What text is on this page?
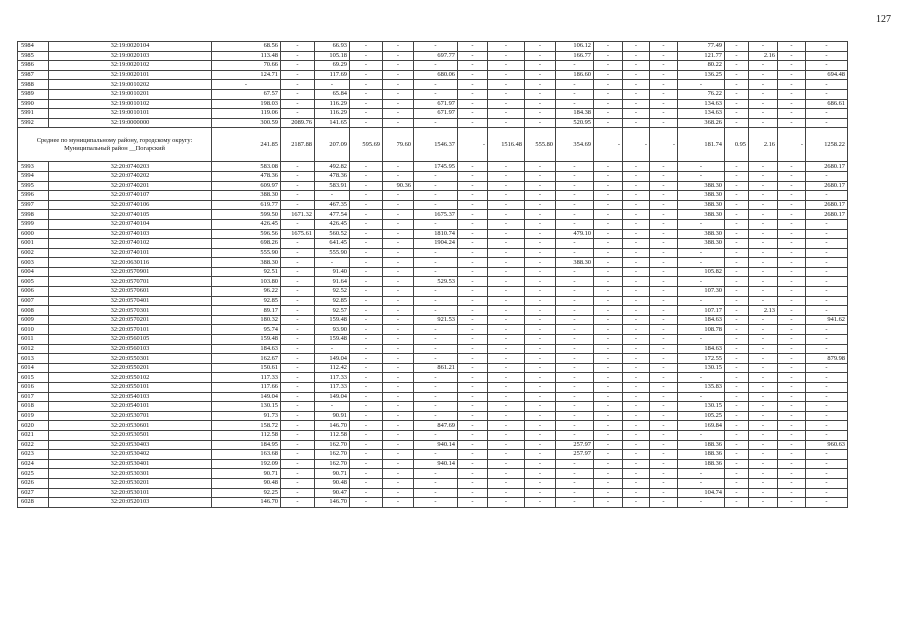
127
5984	32:19:0020104	68.56	-	66.93	-	-	-	-	-	-	106.12	-	-	-	77.49	-	-	-	-
5985	32:19:0020103	113.48	-	105.18	-	-	697.77	-	-	-	166.77	-	-	-	121.77	-	2.16	-	-
5986	32:19:0020102	70.66	-	69.29	-	-	-	-	-	-	-	-	-	-	80.22	-	-	-	-
5987	32:19:0020101	124.71	-	117.69	-	-	680.06	-	-	-	186.60	-	-	-	136.25	-	-	-	694.48
5988	32:19:0010202	-	-	-	-	-	-	-	-	-	-	-	-	-	-	-	-	-	-
5989	32:19:0010201	67.57	-	65.84	-	-	-	-	-	-	-	-	-	-	76.22	-	-	-	-
5990	32:19:0010102	198.03	-	116.29	-	-	671.97	-	-	-	-	-	-	-	134.63	-	-	-	686.61
5991	32:19:0010101	119.06	-	116.29	-	-	671.97	-	-	-	184.38	-	-	-	134.63	-	-	-	-
5992	32:19:0000000	300.59	2089.76	141.65	-	-	-	-	-	-	520.95	-	-	-	368.26	-	-	-	-
Среднее по муниципальному району, городскому округу: Муниципальный район __Погарский		241.85	2187.88	207.09	595.69	79.60	1546.37	-	1516.48	555.80	354.69	-	-	-	181.74	0.95	2.16	-	1258.22
5993	32:20:0740203	583.08	-	492.82	-	-	1745.95	-	-	-	-	-	-	-	-	-	-	-	2680.17
5994	32:20:0740202	478.36	-	478.36	-	-	-	-	-	-	-	-	-	-	-	-	-	-	-
5995	32:20:0740201	609.97	-	583.91	-	90.36	-	-	-	-	-	-	-	-	388.30	-	-	-	2680.17
5996	32:20:0740107	388.30	-	-	-	-	-	-	-	-	-	-	-	-	388.30	-	-	-	-
5997	32:20:0740106	619.77	-	467.35	-	-	-	-	-	-	-	-	-	-	388.30	-	-	-	2680.17
5998	32:20:0740105	599.50	1671.32	477.54	-	-	1675.37	-	-	-	-	-	-	-	388.30	-	-	-	2680.17
5999	32:20:0740104	426.45	-	426.45	-	-	-	-	-	-	-	-	-	-	-	-	-	-	-
6000	32:20:0740103	596.56	1675.61	560.52	-	-	1810.74	-	-	-	479.10	-	-	-	388.30	-	-	-	-
6001	32:20:0740102	698.26	-	641.45	-	-	1904.24	-	-	-	-	-	-	-	388.30	-	-	-	-
6002	32:20:0740101	555.90	-	555.90	-	-	-	-	-	-	-	-	-	-	-	-	-	-	-
6003	32:20:0630116	388.30	-	-	-	-	-	-	-	-	388.30	-	-	-	-	-	-	-	-
6004	32:20:0570901	92.51	-	91.40	-	-	-	-	-	-	-	-	-	-	105.82	-	-	-	-
6005	32:20:0570701	103.80	-	91.64	-	-	529.53	-	-	-	-	-	-	-	-	-	-	-	-
6006	32:20:0570601	96.22	-	92.52	-	-	-	-	-	-	-	-	-	-	107.30	-	-	-	-
6007	32:20:0570401	92.85	-	92.85	-	-	-	-	-	-	-	-	-	-	-	-	-	-	-
6008	32:20:0570301	89.17	-	92.57	-	-	-	-	-	-	-	-	-	-	107.17	-	2.13	-	-
6009	32:20:0570201	180.32	-	159.48	-	-	921.53	-	-	-	-	-	-	-	184.63	-	-	-	941.62
6010	32:20:0570101	95.74	-	93.90	-	-	-	-	-	-	-	-	-	-	108.78	-	-	-	-
6011	32:20:0560105	159.48	-	159.48	-	-	-	-	-	-	-	-	-	-	-	-	-	-	-
6012	32:20:0560103	184.63	-	-	-	-	-	-	-	-	-	-	-	-	184.63	-	-	-	-
6013	32:20:0550301	162.67	-	149.04	-	-	-	-	-	-	-	-	-	-	172.55	-	-	-	879.98
6014	32:20:0550201	150.61	-	112.42	-	-	861.21	-	-	-	-	-	-	-	130.15	-	-	-	-
6015	32:20:0550102	117.33	-	117.33	-	-	-	-	-	-	-	-	-	-	-	-	-	-	-
6016	32:20:0550101	117.66	-	117.33	-	-	-	-	-	-	-	-	-	-	135.83	-	-	-	-
6017	32:20:0540103	149.04	-	149.04	-	-	-	-	-	-	-	-	-	-	-	-	-	-	-
6018	32:20:0540101	130.15	-	-	-	-	-	-	-	-	-	-	-	-	130.15	-	-	-	-
6019	32:20:0530701	91.73	-	90.91	-	-	-	-	-	-	-	-	-	-	105.25	-	-	-	-
6020	32:20:0530601	158.72	-	146.70	-	-	847.69	-	-	-	-	-	-	-	169.84	-	-	-	-
6021	32:20:0530501	112.58	-	112.58	-	-	-	-	-	-	-	-	-	-	-	-	-	-	-
6022	32:20:0530403	184.95	-	162.70	-	-	940.14	-	-	-	257.97	-	-	-	188.36	-	-	-	960.63
6023	32:20:0530402	163.68	-	162.70	-	-	-	-	-	-	257.97	-	-	-	188.36	-	-	-	-
6024	32:20:0530401	192.09	-	162.70	-	-	940.14	-	-	-	-	-	-	-	188.36	-	-	-	-
6025	32:20:0530301	90.71	-	90.71	-	-	-	-	-	-	-	-	-	-	-	-	-	-	-
6026	32:20:0530201	90.48	-	90.48	-	-	-	-	-	-	-	-	-	-	-	-	-	-	-
6027	32:20:0530101	92.25	-	90.47	-	-	-	-	-	-	-	-	-	-	104.74	-	-	-	-
6028	32:20:0520103	146.70	-	146.70	-	-	-	-	-	-	-	-	-	-	-	-	-	-	-
